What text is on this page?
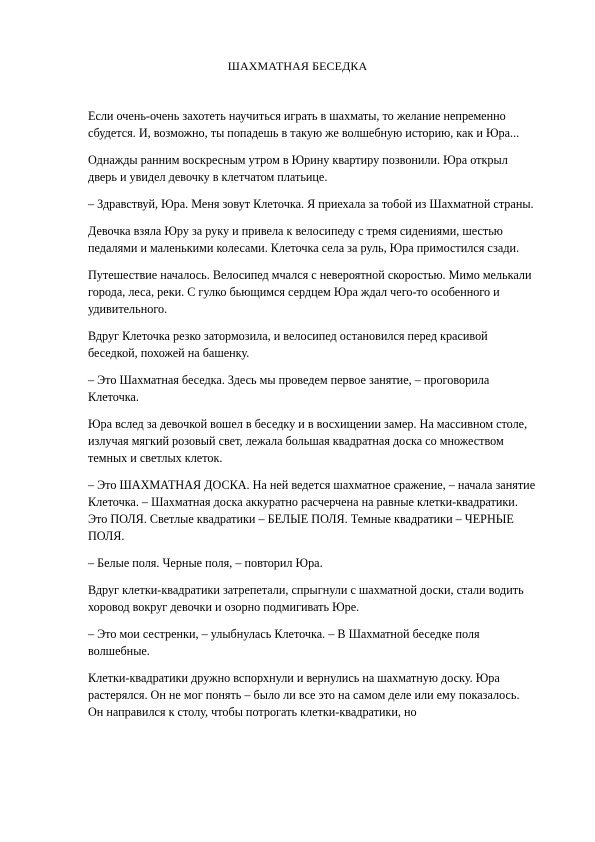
ШАХМАТНАЯ БЕСЕДКА

Если очень-очень захотеть научиться играть в шахматы, то желание непременно сбудется. И, возможно, ты попадешь в такую же волшебную историю, как и Юра...

Однажды ранним воскресным утром в Юрину квартиру позвонили. Юра открыл дверь и увидел девочку в клетчатом платьице.

– Здравствуй, Юра. Меня зовут Клеточка. Я приехала за тобой из Шахматной страны.

Девочка взяла Юру за руку и привела к велосипеду с тремя сидениями, шестью педалями и маленькими колесами. Клеточка села за руль, Юра примостился сзади.

Путешествие началось. Велосипед мчался с невероятной скоростью. Мимо мелькали города, леса, реки. С гулко бьющимся сердцем Юра ждал чего-то особенного и удивительного.

Вдруг Клеточка резко затормозила, и велосипед остановился перед красивой беседкой, похожей на башенку.

– Это Шахматная беседка. Здесь мы проведем первое занятие, – проговорила Клеточка.

Юра вслед за девочкой вошел в беседку и в восхищении замер. На массивном столе, излучая мягкий розовый свет, лежала большая квадратная доска со множеством темных и светлых клеток.

– Это ШАХМАТНАЯ ДОСКА. На ней ведется шахматное сражение, – начала занятие Клеточка. – Шахматная доска аккуратно расчерчена на равные клетки-квадратики. Это ПОЛЯ. Светлые квадратики – БЕЛЫЕ ПОЛЯ. Темные квадратики – ЧЕРНЫЕ ПОЛЯ.

– Белые поля. Черные поля, – повторил Юра.

Вдруг клетки-квадратики затрепетали, спрыгнули с шахматной доски, стали водить хоровод вокруг девочки и озорно подмигивать Юре.

– Это мои сестренки, – улыбнулась Клеточка. – В Шахматной беседке поля волшебные.

Клетки-квадратики дружно вспорхнули и вернулись на шахматную доску. Юра растерялся. Он не мог понять – было ли все это на самом деле или ему показалось. Он направился к столу, чтобы потрогать клетки-квадратики, но
